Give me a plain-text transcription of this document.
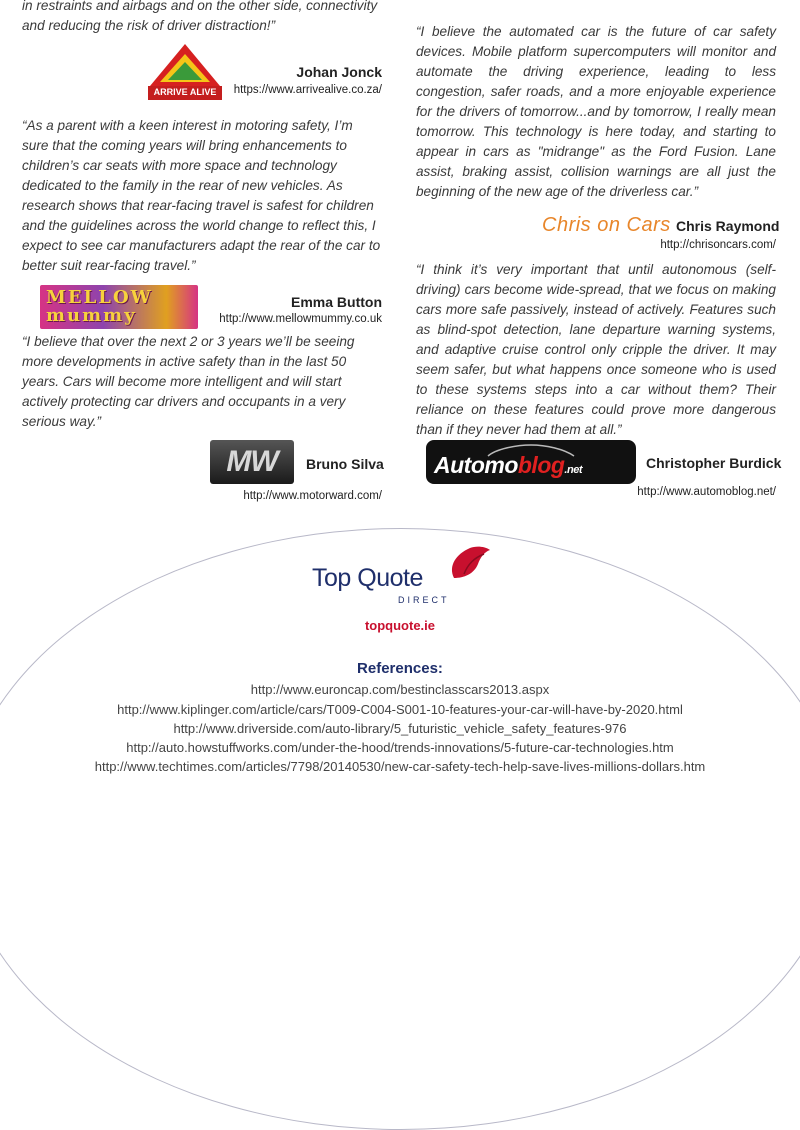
in restraints and airbags and on the other side, connectivity and reducing the risk of driver distraction!”
ARRIVE ALIVE
Johan Jonck
https://www.arrivealive.co.za/
“As a parent with a keen interest in motoring safety, I’m sure that the coming years will bring enhancements to children’s car seats with more space and technology dedicated to the family in the rear of new vehicles. As research shows that rear-facing travel is safest for children and the guidelines across the world change to reflect this, I expect to see car manufacturers adapt the rear of the car to better suit rear-facing travel.”
MELLOW mummy
Emma Button
http://www.mellowmummy.co.uk
“I believe that over the next 2 or 3 years we’ll be seeing more developments in active safety than in the last 50 years. Cars will become more intelligent and will start actively protecting car drivers and occupants in a very serious way.”
MW Bruno Silva
http://www.motorward.com/
“I believe the automated car is the future of car safety devices. Mobile platform supercomputers will monitor and automate the driving experience, leading to less congestion, safer roads, and a more enjoyable experience for the drivers of tomorrow...and by tomorrow, I really mean tomorrow. This technology is here today, and starting to appear in cars as "midrange" as the Ford Fusion. Lane assist, braking assist, collision warnings are all just the beginning of the new age of the driverless car.”
Chris on Cars Chris Raymond
http://chrisoncars.com/
“I think it’s very important that until autonomous (self-driving) cars become wide-spread, that we focus on making cars more safe passively, instead of actively. Features such as blind-spot detection, lane departure warning systems, and adaptive cruise control only cripple the driver. It may seem safer, but what happens once someone who is used to these systems steps into a car without them? Their reliance on these features could prove more dangerous than if they never had them at all.”
Automoblog.net	Christopher Burdick
http://www.automoblog.net/
Top Quote
DIRECT
topquote.ie
References:
http://www.euroncap.com/bestinclasscars2013.aspx
http://www.kiplinger.com/article/cars/T009-C004-S001-10-features-your-car-will-have-by-2020.html
http://www.driverside.com/auto-library/5_futuristic_vehicle_safety_features-976
http://auto.howstuffworks.com/under-the-hood/trends-innovations/5-future-car-technologies.htm
http://www.techtimes.com/articles/7798/20140530/new-car-safety-tech-help-save-lives-millions-dollars.htm
